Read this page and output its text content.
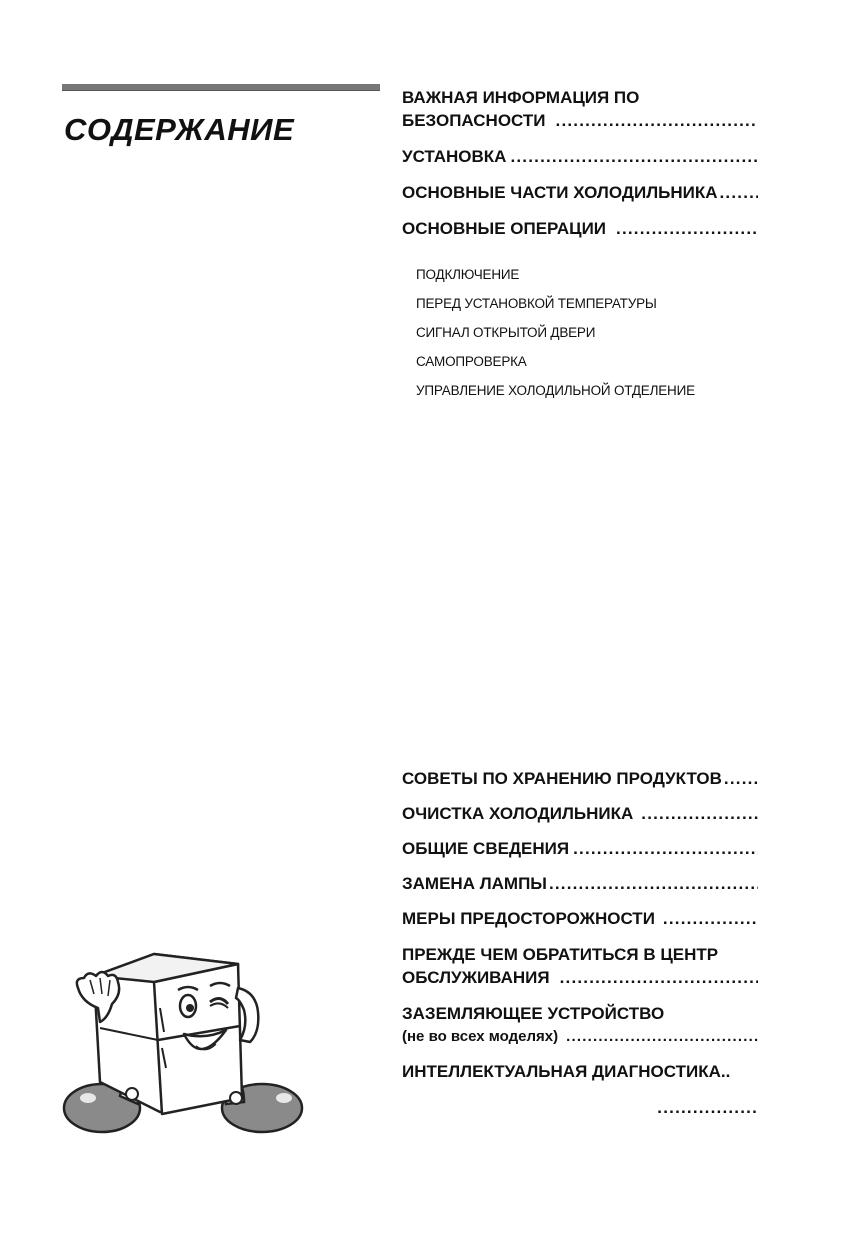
СОДЕРЖАНИЕ
ВАЖНАЯ ИНФОРМАЦИЯ ПО
БЕЗОПАСНОСТИ
.....
УСТАНОВКА
.....
ОСНОВНЫЕ ЧАСТИ ХОЛОДИЛЬНИКА
.....
ОСНОВНЫЕ ОПЕРАЦИИ
.....
ПОДКЛЮЧЕНИЕ
ПЕРЕД УСТАНОВКОЙ ТЕМПЕРАТУРЫ
СИГНАЛ ОТКРЫТОЙ ДВЕРИ
САМОПРОВЕРКА
УПРАВЛЕНИЕ ХОЛОДИЛЬНОЙ ОТДЕЛЕНИЕ
СОВЕТЫ ПО ХРАНЕНИЮ ПРОДУКТОВ
.....
ОЧИСТКА ХОЛОДИЛЬНИКА
.....
ОБЩИЕ СВЕДЕНИЯ
.....
ЗАМЕНА ЛАМПЫ
.....
МЕРЫ ПРЕДОСТОРОЖНОСТИ
.....
ПРЕЖДЕ ЧЕМ ОБРАТИТЬСЯ В ЦЕНТР
ОБСЛУЖИВАНИЯ
.....
ЗАЗЕМЛЯЮЩЕЕ УСТРОЙСТВО
(не во всех моделях)
.....
ИНТЕЛЛЕКТУАЛЬНАЯ ДИАГНОСТИКА..
.....
